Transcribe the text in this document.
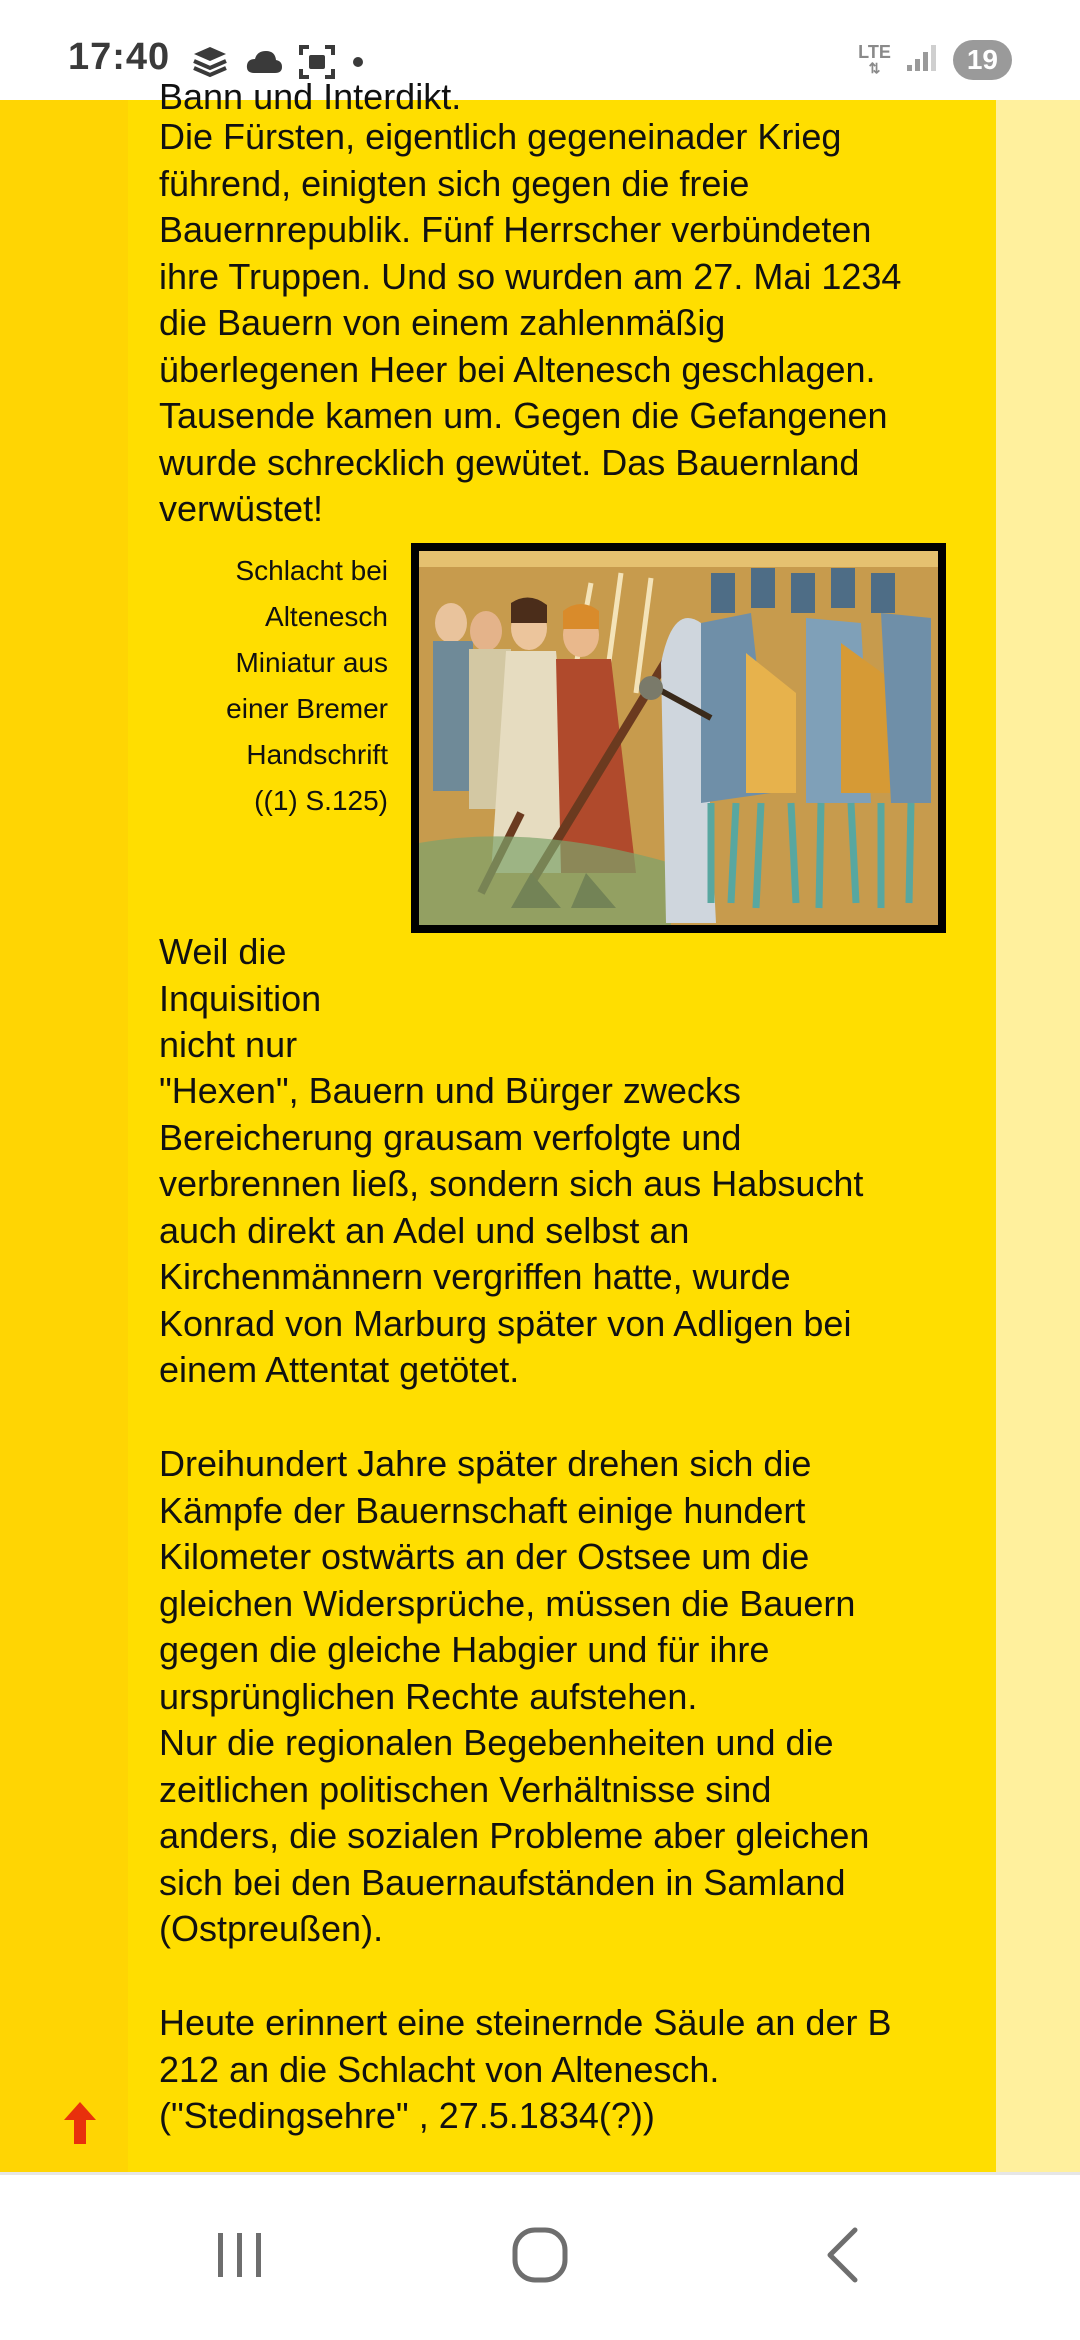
17:40	LTE
⇅	19

Bann und Interdikt.

Die Fürsten, eigentlich gegeneinader Krieg
führend, einigten sich gegen die freie
Bauernrepublik. Fünf Herrscher verbündeten
ihre Truppen. Und so wurden am 27. Mai 1234
die Bauern von einem zahlenmäßig
überlegenen Heer bei Altenesch geschlagen.
Tausende kamen um. Gegen die Gefangenen
wurde schrecklich gewütet. Das Bauernland
verwüstet!

Schlacht bei
Altenesch
Miniatur aus
einer Bremer
Handschrift
((1) S.125)

Weil die
Inquisition
nicht nur

"Hexen", Bauern und Bürger zwecks
Bereicherung grausam verfolgte und
verbrennen ließ, sondern sich aus Habsucht
auch direkt an Adel und selbst an
Kirchenmännern vergriffen hatte, wurde
Konrad von Marburg später von Adligen bei
einem Attentat getötet.

Dreihundert Jahre später drehen sich die
Kämpfe der Bauernschaft einige hundert
Kilometer ostwärts an der Ostsee um die
gleichen Widersprüche, müssen die Bauern
gegen die gleiche Habgier und für ihre
ursprünglichen Rechte aufstehen.
Nur die regionalen Begebenheiten und die
zeitlichen politischen Verhältnisse sind
anders, die sozialen Probleme aber gleichen
sich bei den Bauernaufständen in Samland
(Ostpreußen).

Heute erinnert eine steinernde Säule an der B
212 an die Schlacht von Altenesch.
("Stedingsehre" , 27.5.1834(?))
